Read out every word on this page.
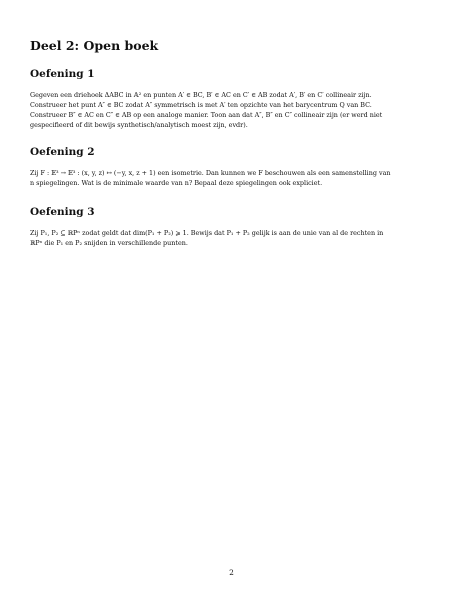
Deel 2: Open boek
Oefening 1

Gegeven een driehoek ΔABC in 𝔸² en punten A′ ∈ BC, B′ ∈ AC en C′ ∈ AB zodat A′, B′ en C′ collineair zijn.
Construeer het punt A″ ∈ BC zodat A″ symmetrisch is met A′ ten opzichte van het barycentrum Q van BC.
Construeer B″ ∈ AC en C″ ∈ AB op een analoge manier. Toon aan dat A″, B″ en C″ collineair zijn (er werd niet
gespecifieerd of dit bewijs synthetisch/analytisch moest zijn, evdr).

Oefening 2

Zij F : 𝔼³ → 𝔼³ : (x, y, z) ↦ (−y, x, z + 1) een isometrie. Dan kunnen we F beschouwen als een samenstelling van
n spiegelingen. Wat is de minimale waarde van n? Bepaal deze spiegelingen ook expliciet.

Oefening 3

Zij P₁, P₂ ⊆ ℝPⁿ zodat geldt dat dim(P₁ + P₂) ⩾ 1. Bewijs dat P₁ + P₂ gelijk is aan de unie van al de rechten in
ℝPⁿ die P₁ en P₂ snijden in verschillende punten.

2
